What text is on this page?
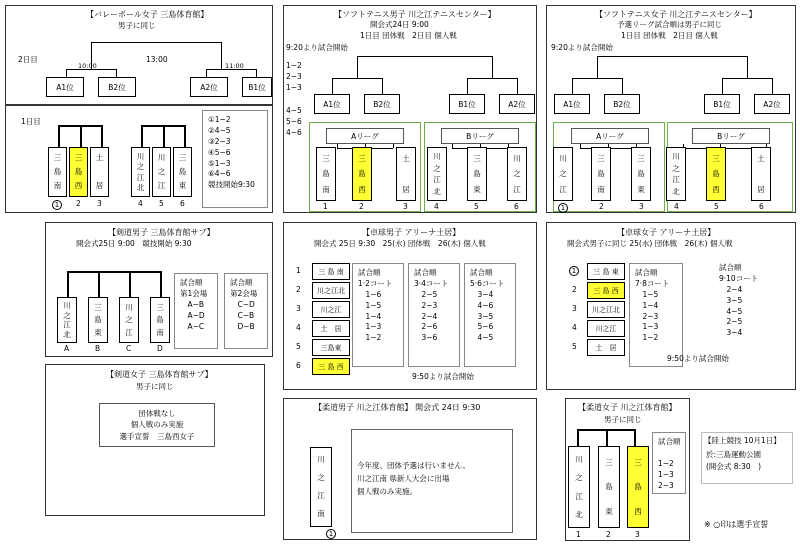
【バレーボール女子 三島体育館】
男子に同じ
2日目	13:00
10:00	11:00
A1位	B2位	A2位	B1位
1日目	①1−2
②4−5
③2−3
④5−6
⑤1−3
⑥4−6
競技開始9:30
【ソフトテニス男子 川之江テニスセンター】
開会式24日 9:00
1日目 団体戦　2日目 個人戦
9:20より試合開始
1−2
2−3
1−3
4−5
5−6
4−6
A1位	B2位	B1位	A2位
Aリーグ	Bリーグ
【ソフトテニス女子 川之江テニスセンター】
予選リーグ試合順は男子に同じ
1日目 団体戦　2日目 個人戦
9:20より試合開始
A1位	B2位	B1位	A2位
Aリーグ	Bリーグ
【剣道男子 三島体育館サブ】
開会式25日 9:00　競技開始 9:30
試合順
第1会場
　A−B
　A−D
　A−C
試合順
第2会場
　C−D
　C−B
　D−B
【卓球男子 アリーナ土居】
開会式 25日 9:30　25(水) 団体戦　26(木) 個人戦
試合順
1·2コート
　1−6
　1−5
　1−4
　1−3
　1−2
試合順
3·4コート
　2−5
　2−3
　2−4
　2−6
　3−6
試合順
5·6コート
　3−4
　4−6
　3−5
　5−6
　4−5
9:50より試合開始
【卓球女子 アリーナ土居】
開会式男子に同じ 25(水) 団体戦　26(木) 個人戦
試合順
7·8コート
　1−5
　1−4
　2−3
　1−3
　1−2
試合順
9·10コート
　2−4
　3−5
　4−5
　2−5
　3−4
9:50より試合開始
【剣道女子 三島体育館サブ】
男子に同じ
団体戦なし
個人戦のみ実施
選手宣誓　三島西女子
【柔道男子 川之江体育館】 開会式 24日 9:30
今年度、団体予選は行いません。
川之江南 県新人大会に出場
個人戦のみ実施。
【柔道女子 川之江体育館】
男子に同じ
試合順

1−2
1−3
2−3
【陸上競技 10月1日】
於:三島運動公園
(開会式 8:30　)
※ ○印は選手宣誓
三
島
南
1
三
島
西
2
土

居
3
川
之
江
北
4
川
之
江
5
三
島
東
6
三
島
南
1
三
島
西
2
土

居
3
川
之
江
北
4
三
島
東
5
川
之
江
6
川
之
江
1
三
島
南
2
三
島
東
3
川
之
江
北
4
三
島
西
5
土

居
6
川
之
江
北
A
三
島
東
B
川
之
江
C
三
島
南
D
1	三 島 南
2	川之江北
3	川之江
4	土　居
5	三島東
6	三 島 西
1	三 島 東
2	三 島 西
3	川之江北
4	川之江
5	土　居
川
之
江
南
1
川
之
江
北
1
三
島
東
2
三
島
西
3
